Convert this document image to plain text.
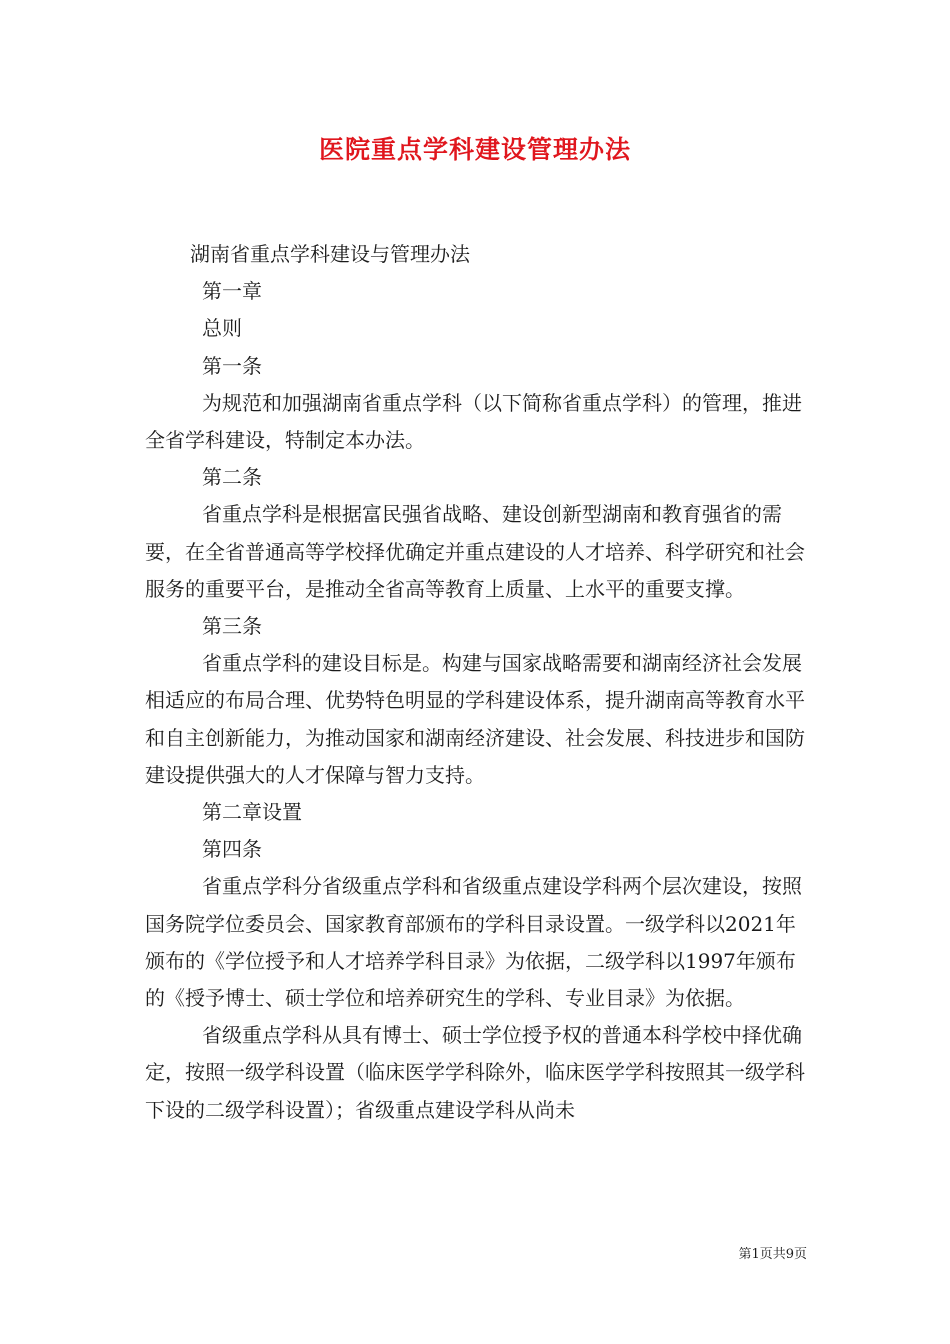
医院重点学科建设管理办法

湖南省重点学科建设与管理办法

第一章

总则

第一条

为规范和加强湖南省重点学科（以下简称省重点学科）的管理，推进全省学科建设，特制定本办法。

第二条

省重点学科是根据富民强省战略、建设创新型湖南和教育强省的需要，在全省普通高等学校择优确定并重点建设的人才培养、科学研究和社会服务的重要平台，是推动全省高等教育上质量、上水平的重要支撑。

第三条

省重点学科的建设目标是。构建与国家战略需要和湖南经济社会发展相适应的布局合理、优势特色明显的学科建设体系，提升湖南高等教育水平和自主创新能力，为推动国家和湖南经济建设、社会发展、科技进步和国防建设提供强大的人才保障与智力支持。

第二章设置

第四条

省重点学科分省级重点学科和省级重点建设学科两个层次建设，按照国务院学位委员会、国家教育部颁布的学科目录设置。一级学科以2021年颁布的《学位授予和人才培养学科目录》为依据，二级学科以1997年颁布的《授予博士、硕士学位和培养研究生的学科、专业目录》为依据。

省级重点学科从具有博士、硕士学位授予权的普通本科学校中择优确定，按照一级学科设置（临床医学学科除外，临床医学学科按照其一级学科下设的二级学科设置）；省级重点建设学科从尚未

第1页共9页
